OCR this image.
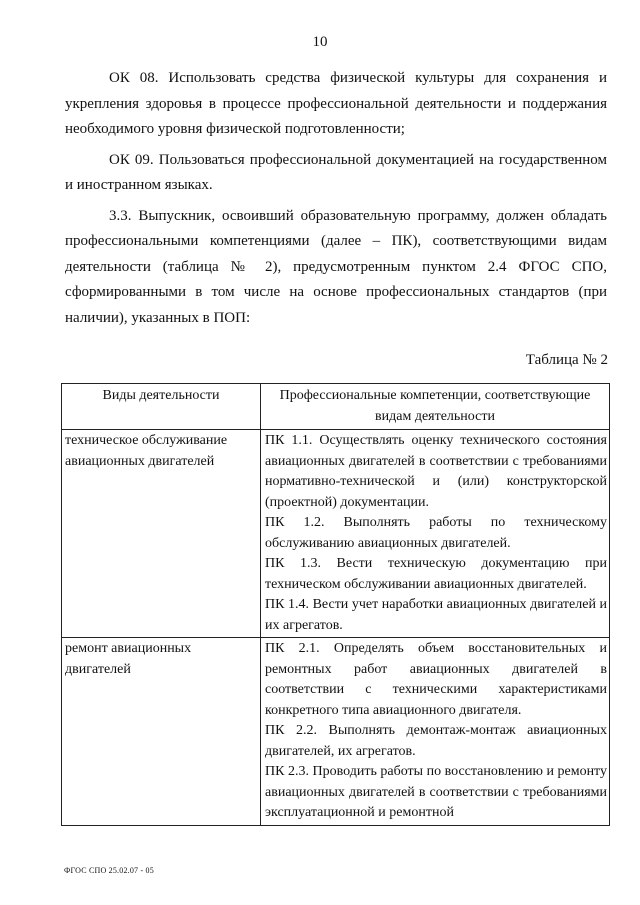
10

ОК 08. Использовать средства физической культуры для сохранения и укрепления здоровья в процессе профессиональной деятельности и поддержания необходимого уровня физической подготовленности;

ОК 09. Пользоваться профессиональной документацией на государственном и иностранном языках.

3.3. Выпускник, освоивший образовательную программу, должен обладать профессиональными компетенциями (далее – ПК), соответствующими видам деятельности (таблица № 2), предусмотренным пунктом 2.4 ФГОС СПО, сформированными в том числе на основе профессиональных стандартов (при наличии), указанных в ПОП:

Таблица № 2
Виды деятельности	Профессиональные компетенции, соответствующие видам деятельности
техническое обслуживание авиационных двигателей	ПК 1.1. Осуществлять оценку технического состояния авиационных двигателей в соответствии с требованиями нормативно-технической и (или) конструкторской (проектной) документации.

ПК 1.2. Выполнять работы по техническому обслуживанию авиационных двигателей.

ПК 1.3. Вести техническую документацию при техническом обслуживании авиационных двигателей.

ПК 1.4. Вести учет наработки авиационных двигателей и их агрегатов.

ремонт авиационных двигателей	ПК 2.1. Определять объем восстановительных и ремонтных работ авиационных двигателей в соответствии с техническими характеристиками конкретного типа авиационного двигателя.

ПК 2.2. Выполнять демонтаж-монтаж авиационных двигателей, их агрегатов.

ПК 2.3. Проводить работы по восстановлению и ремонту авиационных двигателей в соответствии с требованиями эксплуатационной и ремонтной

ФГОС СПО 25.02.07 - 05
